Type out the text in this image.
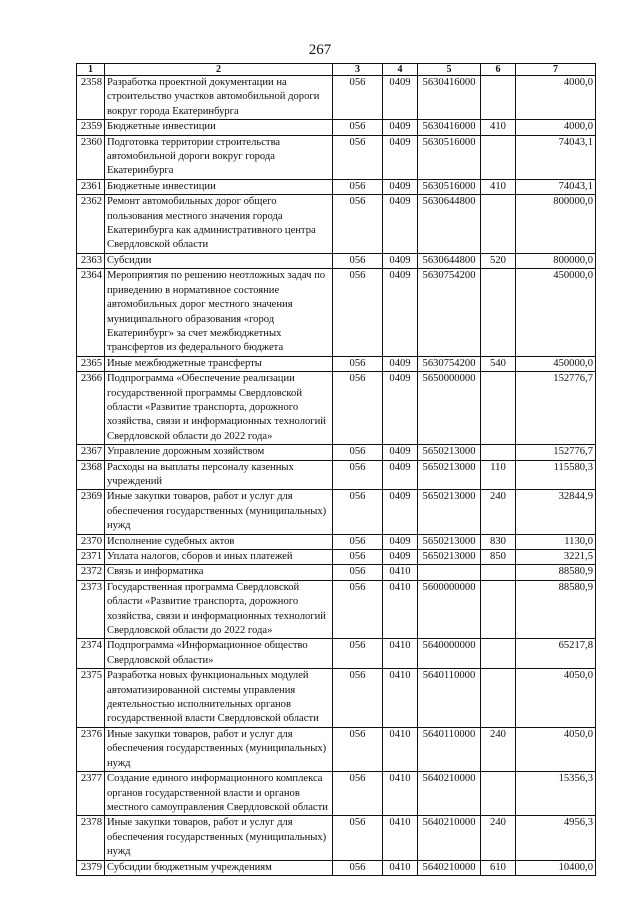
267
1	2	3	4	5	6	7
2358	Разработка проектной документации на строительство участков автомобильной дороги вокруг города Екатеринбурга	056	0409	5630416000		4000,0
2359	Бюджетные инвестиции	056	0409	5630416000	410	4000,0
2360	Подготовка территории строительства автомобильной дороги вокруг города Екатеринбурга	056	0409	5630516000		74043,1
2361	Бюджетные инвестиции	056	0409	5630516000	410	74043,1
2362	Ремонт автомобильных дорог общего пользования местного значения города Екатеринбурга как административного центра Свердловской области	056	0409	5630644800		800000,0
2363	Субсидии	056	0409	5630644800	520	800000,0
2364	Мероприятия по решению неотложных задач по приведению в нормативное состояние автомобильных дорог местного значения муниципального образования «город Екатеринбург» за счет межбюджетных трансфертов из федерального бюджета	056	0409	5630754200		450000,0
2365	Иные межбюджетные трансферты	056	0409	5630754200	540	450000,0
2366	Подпрограмма «Обеспечение реализации государственной программы Свердловской области «Развитие транспорта, дорожного хозяйства, связи и информационных технологий Свердловской области до 2022 года»	056	0409	5650000000		152776,7
2367	Управление дорожным хозяйством	056	0409	5650213000		152776,7
2368	Расходы на выплаты персоналу казенных учреждений	056	0409	5650213000	110	115580,3
2369	Иные закупки товаров, работ и услуг для обеспечения государственных (муниципальных) нужд	056	0409	5650213000	240	32844,9
2370	Исполнение судебных актов	056	0409	5650213000	830	1130,0
2371	Уплата налогов, сборов и иных платежей	056	0409	5650213000	850	3221,5
2372	Связь и информатика	056	0410			88580,9
2373	Государственная программа Свердловской области «Развитие транспорта, дорожного хозяйства, связи и информационных технологий Свердловской области до 2022 года»	056	0410	5600000000		88580,9
2374	Подпрограмма «Информационное общество Свердловской области»	056	0410	5640000000		65217,8
2375	Разработка новых функциональных модулей автоматизированной системы управления деятельностью исполнительных органов государственной власти Свердловской области	056	0410	5640110000		4050,0
2376	Иные закупки товаров, работ и услуг для обеспечения государственных (муниципальных) нужд	056	0410	5640110000	240	4050,0
2377	Создание единого информационного комплекса органов государственной власти и органов местного самоуправления Свердловской области	056	0410	5640210000		15356,3
2378	Иные закупки товаров, работ и услуг для обеспечения государственных (муниципальных) нужд	056	0410	5640210000	240	4956,3
2379	Субсидии бюджетным учреждениям	056	0410	5640210000	610	10400,0
